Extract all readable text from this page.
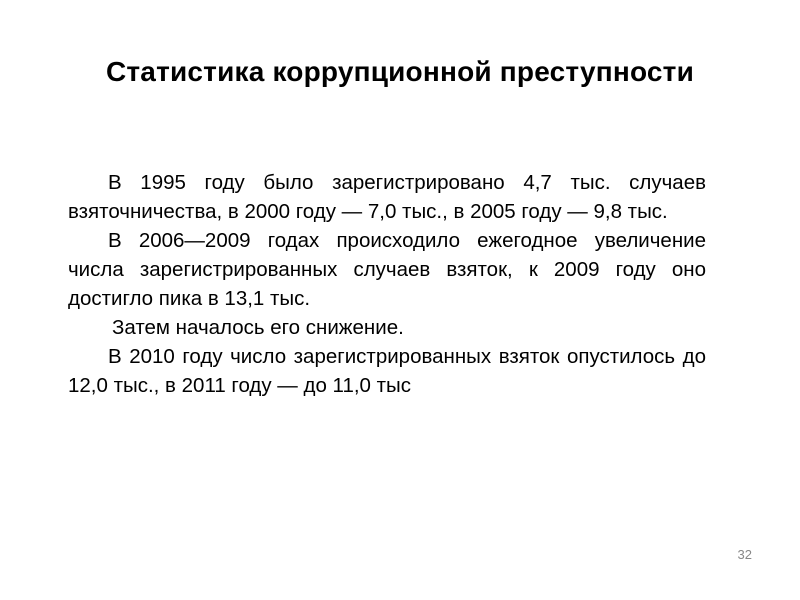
Статистика коррупционной преступности

В 1995 году было зарегистрировано 4,7 тыс. случаев взяточничества, в 2000 году — 7,0 тыс., в 2005 году — 9,8 тыс.

В 2006—2009 годах происходило ежегодное увеличение числа зарегистрированных случаев взяток, к 2009 году оно достигло пика в 13,1 тыс.

Затем началось его снижение.

В 2010 году число зарегистрированных взяток опустилось до 12,0 тыс., в 2011 году — до 11,0 тыс

32
